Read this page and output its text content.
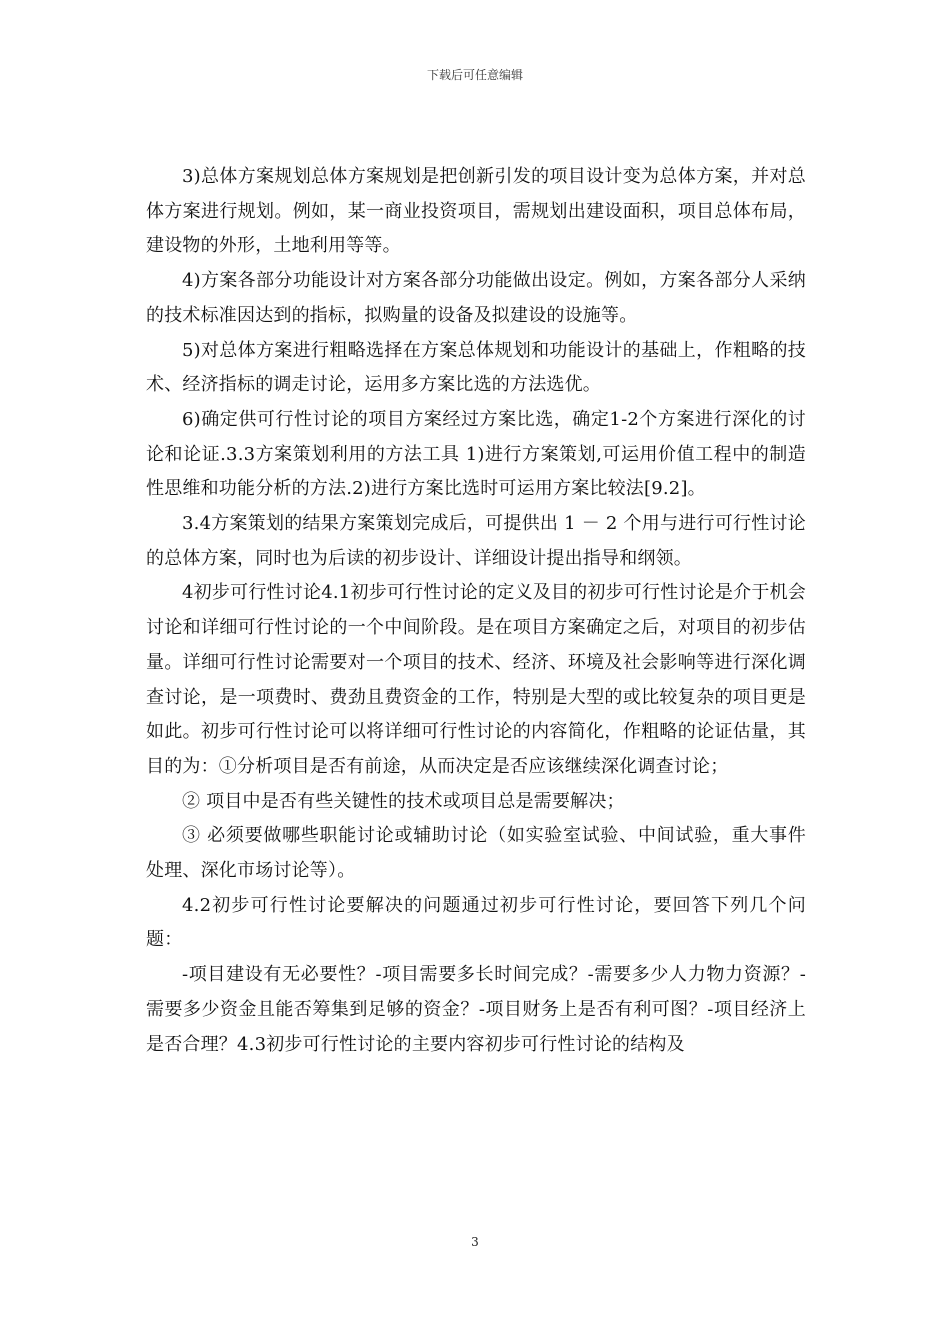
下载后可任意编辑

3)总体方案规划总体方案规划是把创新引发的项目设计变为总体方案，并对总体方案进行规划。例如，某一商业投资项目，需规划出建设面积，项目总体布局，建设物的外形，土地利用等等。

4)方案各部分功能设计对方案各部分功能做出设定。例如，方案各部分人采纳的技术标准因达到的指标，拟购量的设备及拟建设的设施等。

5)对总体方案进行粗略选择在方案总体规划和功能设计的基础上，作粗略的技术、经济指标的调走讨论，运用多方案比选的方法选优。

6)确定供可行性讨论的项目方案经过方案比选，确定1-2个方案进行深化的讨论和论证.3.3方案策划利用的方法工具 1)进行方案策划,可运用价值工程中的制造性思维和功能分析的方法.2)进行方案比选时可运用方案比较法[9.2]。

3.4方案策划的结果方案策划完成后，可提供出 1 － 2 个用与进行可行性讨论的总体方案，同时也为后读的初步设计、详细设计提出指导和纲领。

4初步可行性讨论4.1初步可行性讨论的定义及目的初步可行性讨论是介于机会讨论和详细可行性讨论的一个中间阶段。是在项目方案确定之后，对项目的初步估量。详细可行性讨论需要对一个项目的技术、经济、环境及社会影响等进行深化调查讨论，是一项费时、费劲且费资金的工作，特别是大型的或比较复杂的项目更是如此。初步可行性讨论可以将详细可行性讨论的内容简化，作粗略的论证估量，其目的为：①分析项目是否有前途，从而决定是否应该继续深化调查讨论；

② 项目中是否有些关键性的技术或项目总是需要解决；

③ 必须要做哪些职能讨论或辅助讨论（如实验室试验、中间试验，重大事件处理、深化市场讨论等）。

4.2初步可行性讨论要解决的问题通过初步可行性讨论，要回答下列几个问题：

-项目建设有无必要性？-项目需要多长时间完成？-需要多少人力物力资源？-需要多少资金且能否筹集到足够的资金？-项目财务上是否有利可图？-项目经济上是否合理？4.3初步可行性讨论的主要内容初步可行性讨论的结构及

3
